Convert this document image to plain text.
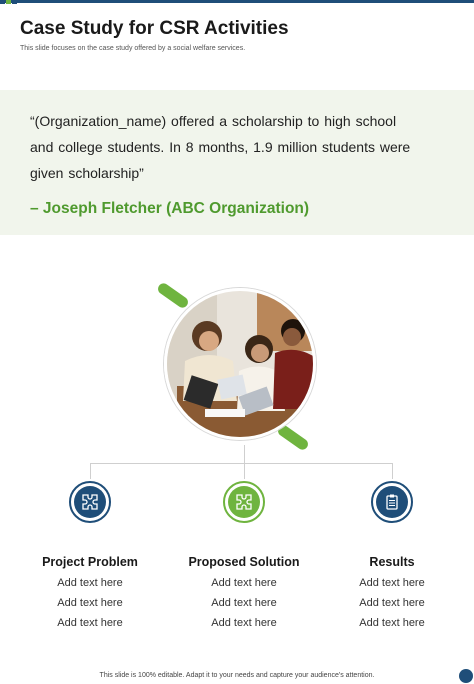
Case Study for CSR Activities
This slide focuses on the case study offered by a social welfare services.
“(Organization_name) offered a scholarship to high school and college students. In 8 months, 1.9 million students were given scholarship”
– Joseph Fletcher (ABC Organization)
Project Problem
Add text here
Add text here
Add text here
Proposed Solution
Add text here
Add text here
Add text here
Results
Add text here
Add text here
Add text here
This slide is 100% editable. Adapt it to your needs and capture your audience's attention.
